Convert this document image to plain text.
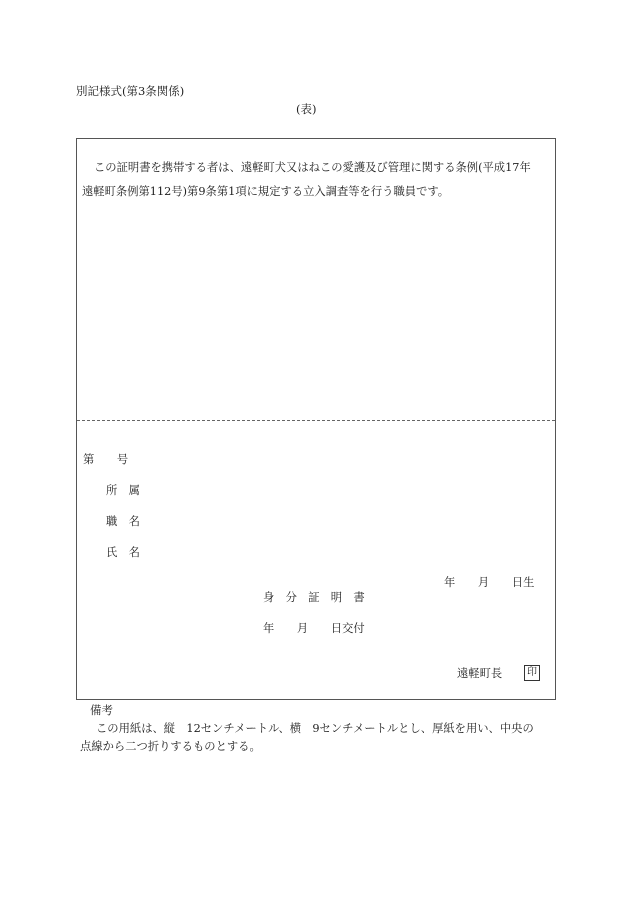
別記様式(第3条関係)
(表)
この証明書を携帯する者は、遠軽町犬又はねこの愛護及び管理に関する条例(平成17年
遠軽町条例第112号)第9条第1項に規定する立入調査等を行う職員です。
第　　号
所　属
職　名
氏　名
年　　月　　日生
身　分　証　明　書
年　　月　　日交付
遠軽町長	印
備考
この用紙は、縦　12センチメートル、横　9センチメートルとし、厚紙を用い、中央の
点線から二つ折りするものとする。
